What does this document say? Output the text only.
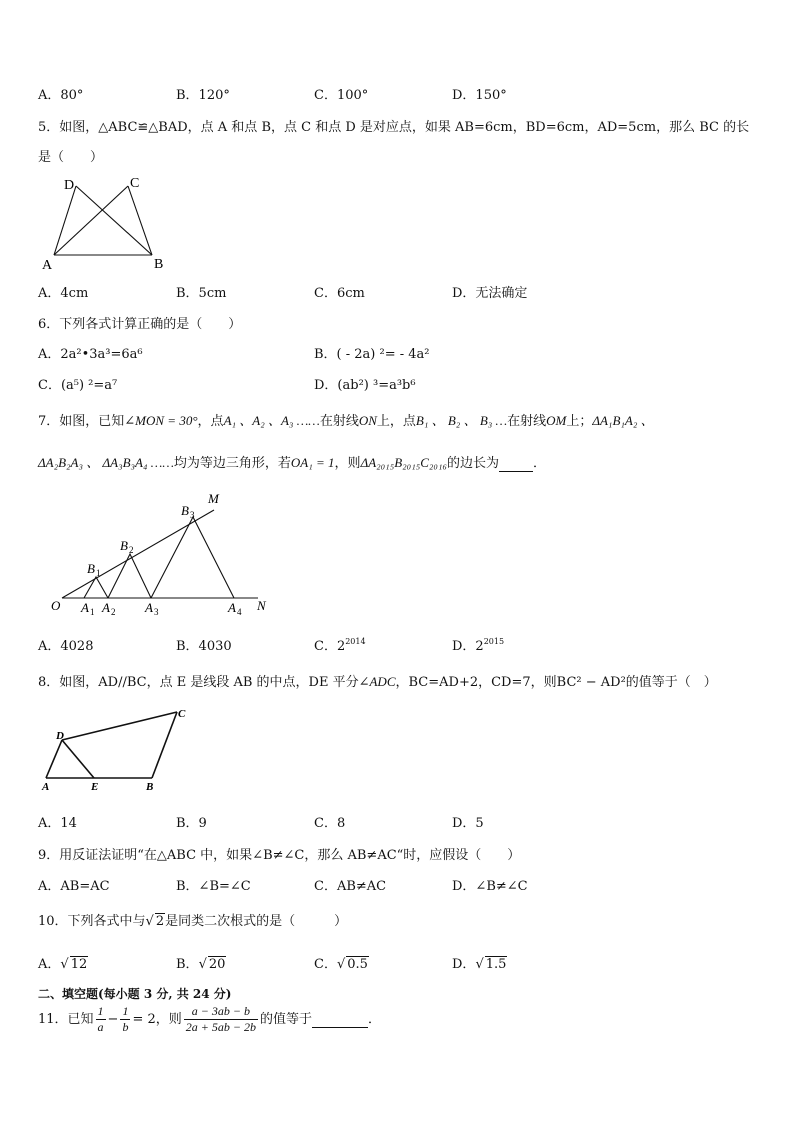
A．80°	B．120°	C．100°	D．150°
5．如图，△ABC≌△BAD，点 A 和点 B，点 C 和点 D 是对应点，如果 AB=6cm，BD=6cm，AD=5cm，那么 BC 的长
是（　　）
A	B
C
D
A．4cm	B．5cm	C．6cm	D．无法确定
6．下列各式计算正确的是（　　）
A．2a²•3a³=6a⁶	B．( - 2a) ²= - 4a²
C．(a⁵) ²=a⁷	D．(ab²) ³=a³b⁶
7．如图，已知∠MON = 30°，点A₁ 、A₂ 、A₃ ……在射线ON上，点B₁ 、 B₂ 、 B₃ …在射线OM上；ΔA₁B₁A₂ 、
ΔA₂B₂A₃ 、 ΔA₃B₃A₄ ……均为等边三角形，若OA₁ = 1，则ΔA₂₀₁₅B₂₀₁₅C₂₀₁₆的边长为	．
M
N
O A 1 A 2 A 3	A 4
B 1
B 2
B 3
A．4028	B．4030	C．$2^{2014}$	D．$2^{2015}$
8．如图，AD//BC，点 E 是线段 AB 的中点，DE 平分∠ADC，BC=AD+2，CD=7，则BC² − AD²的值等于（　）
A	E	B
C
D
A．14	B．9	C．8	D．5
9．用反证法证明“在△ABC 中，如果∠B≠∠C，那么 AB≠AC“时，应假设（　　）
A．AB=AC	B．∠B=∠C	C．AB≠AC	D．∠B≠∠C
10．下列各式中与√ 2是同类二次根式的是（　　　）
A．√ 12	B．√ 20	C．√ 0.5	D．√ 1.5
二、填空题(每小题 3 分, 共 24 分)
11．已知 $\frac{1}{a} - \frac{1}{b} = 2$，则 $\frac{a - 3ab - b}{2a + 5ab - 2b}$ 的值等于	．
